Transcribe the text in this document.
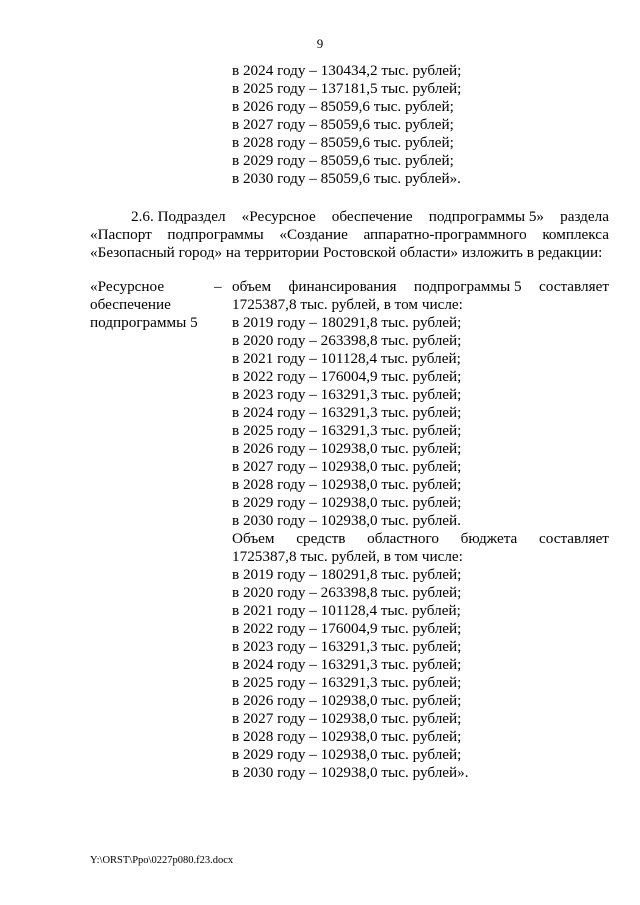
9
в 2024 году – 130434,2 тыс. рублей;
в 2025 году – 137181,5 тыс. рублей;
в 2026 году – 85059,6 тыс. рублей;
в 2027 году – 85059,6 тыс. рублей;
в 2028 году – 85059,6 тыс. рублей;
в 2029 году – 85059,6 тыс. рублей;
в 2030 году – 85059,6 тыс. рублей».
2.6. Подраздел «Ресурсное обеспечение подпрограммы 5» раздела
«Паспорт подпрограммы «Создание аппаратно-программного комплекса
«Безопасный город» на территории Ростовской области» изложить в редакции:
«Ресурсное
обеспечение
подпрограммы 5
– объем финансирования подпрограммы 5 составляет
1725387,8 тыс. рублей, в том числе:
в 2019 году – 180291,8 тыс. рублей;
в 2020 году – 263398,8 тыс. рублей;
в 2021 году – 101128,4 тыс. рублей;
в 2022 году – 176004,9 тыс. рублей;
в 2023 году – 163291,3 тыс. рублей;
в 2024 году – 163291,3 тыс. рублей;
в 2025 году – 163291,3 тыс. рублей;
в 2026 году – 102938,0 тыс. рублей;
в 2027 году – 102938,0 тыс. рублей;
в 2028 году – 102938,0 тыс. рублей;
в 2029 году – 102938,0 тыс. рублей;
в 2030 году – 102938,0 тыс. рублей.
Объем средств областного бюджета составляет
1725387,8 тыс. рублей, в том числе:
в 2019 году – 180291,8 тыс. рублей;
в 2020 году – 263398,8 тыс. рублей;
в 2021 году – 101128,4 тыс. рублей;
в 2022 году – 176004,9 тыс. рублей;
в 2023 году – 163291,3 тыс. рублей;
в 2024 году – 163291,3 тыс. рублей;
в 2025 году – 163291,3 тыс. рублей;
в 2026 году – 102938,0 тыс. рублей;
в 2027 году – 102938,0 тыс. рублей;
в 2028 году – 102938,0 тыс. рублей;
в 2029 году – 102938,0 тыс. рублей;
в 2030 году – 102938,0 тыс. рублей».
Y:\ORST\Ppo\0227p080.f23.docx
